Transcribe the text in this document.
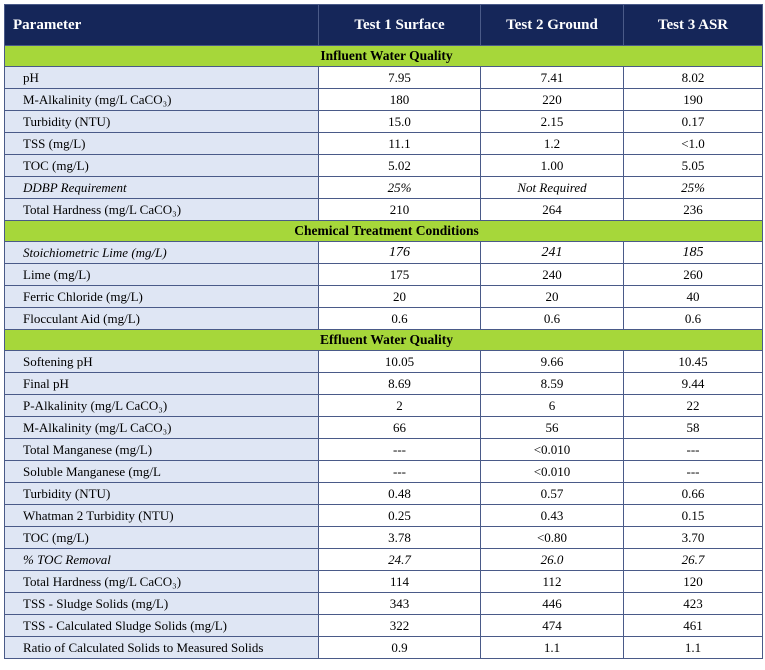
Parameter	Test 1 Surface	Test 2 Ground	Test 3 ASR
Influent Water Quality			
pH	7.95	7.41	8.02
M-Alkalinity (mg/L CaCO₃)	180	220	190
Turbidity (NTU)	15.0	2.15	0.17
TSS (mg/L)	11.1	1.2	<1.0
TOC (mg/L)	5.02	1.00	5.05
DDBP Requirement	25%	Not Required	25%
Total Hardness (mg/L CaCO₃)	210	264	236
Chemical Treatment Conditions			
Stoichiometric Lime (mg/L)	176	241	185
Lime (mg/L)	175	240	260
Ferric Chloride (mg/L)	20	20	40
Flocculant Aid (mg/L)	0.6	0.6	0.6
Effluent Water Quality			
Softening pH	10.05	9.66	10.45
Final pH	8.69	8.59	9.44
P-Alkalinity (mg/L CaCO₃)	2	6	22
M-Alkalinity (mg/L CaCO₃)	66	56	58
Total Manganese (mg/L)	---	<0.010	---
Soluble Manganese (mg/L	---	<0.010	---
Turbidity (NTU)	0.48	0.57	0.66
Whatman 2 Turbidity (NTU)	0.25	0.43	0.15
TOC (mg/L)	3.78	<0.80	3.70
% TOC Removal	24.7	26.0	26.7
Total Hardness (mg/L CaCO₃)	114	112	120
TSS - Sludge Solids (mg/L)	343	446	423
TSS - Calculated Sludge Solids (mg/L)	322	474	461
Ratio of Calculated Solids to Measured Solids	0.9	1.1	1.1
